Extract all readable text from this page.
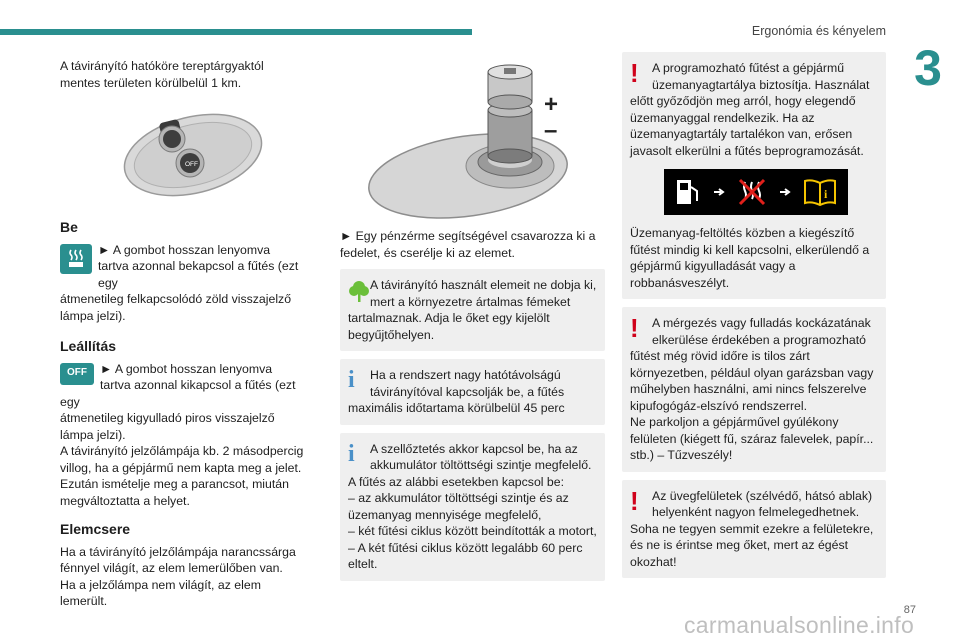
Ergonómia és kényelem
3

A távirányító hatóköre tereptárgyaktól mentes területen körülbelül 1 km.

OFF
Be

► A gombot hosszan lenyomva tartva azonnal bekapcsol a fűtés (ezt egy

átmenetileg felkapcsolódó zöld visszajelző lámpa jelzi).

Leállítás
OFF	► A gombot hosszan lenyomva tartva azonnal kikapcsol a fűtés (ezt egy

átmenetileg kigyulladó piros visszajelző lámpa jelzi).

A távirányító jelzőlámpája kb. 2 másodpercig villog, ha a gépjármű nem kapta meg a jelet. Ezután ismételje meg a parancsot, miután megváltoztatta a helyet.

Elemcsere

Ha a távirányító jelzőlámpája narancssárga fénnyel világít, az elem lemerülőben van.

Ha a jelzőlámpa nem világít, az elem lemerült.

+
–

► Egy pénzérme segítségével csavarozza ki a fedelet, és cserélje ki az elemet.

A távirányító használt elemeit ne dobja ki, mert a környezetre ártalmas fémeket

tartalmaznak. Adja le őket egy kijelölt begyűjtőhelyen.

i	Ha a rendszert nagy hatótávolságú távirányítóval kapcsolják be, a fűtés

maximális időtartama körülbelül 45 perc

i	A szellőztetés akkor kapcsol be, ha az akkumulátor töltöttségi szintje megfelelő.

A fűtés az alábbi esetekben kapcsol be:

– az akkumulátor töltöttségi szintje és az üzemanyag mennyisége megfelelő,

– két fűtési ciklus között beindították a motort,

– A két fűtési ciklus között legalább 60 perc eltelt.

!	A programozható fűtést a gépjármű üzemanyagtartálya biztosítja. Használat

előtt győződjön meg arról, hogy elegendő üzemanyaggal rendelkezik. Ha az üzemanyagtartály tartalékon van, erősen javasolt elkerülni a fűtés beprogramozását.

i

Üzemanyag-feltöltés közben a kiegészítő fűtést mindig ki kell kapcsolni, elkerülendő a gépjármű kigyulladását vagy a robbanásveszélyt.

!	A mérgezés vagy fulladás kockázatának elkerülése érdekében a programozható

fűtést még rövid időre is tilos zárt környezetben, például olyan garázsban vagy műhelyben használni, ami nincs felszerelve kipufogógáz-elszívó rendszerrel.

Ne parkoljon a gépjárművel gyúlékony felületen (kiégett fű, száraz falevelek, papír... stb.) – Tűzveszély!

!	Az üvegfelületek (szélvédő, hátsó ablak) helyenként nagyon felmelegedhetnek.

Soha ne tegyen semmit ezekre a felületekre, és ne is érintse meg őket, mert az égést okozhat!

87
carmanualsonline.info
